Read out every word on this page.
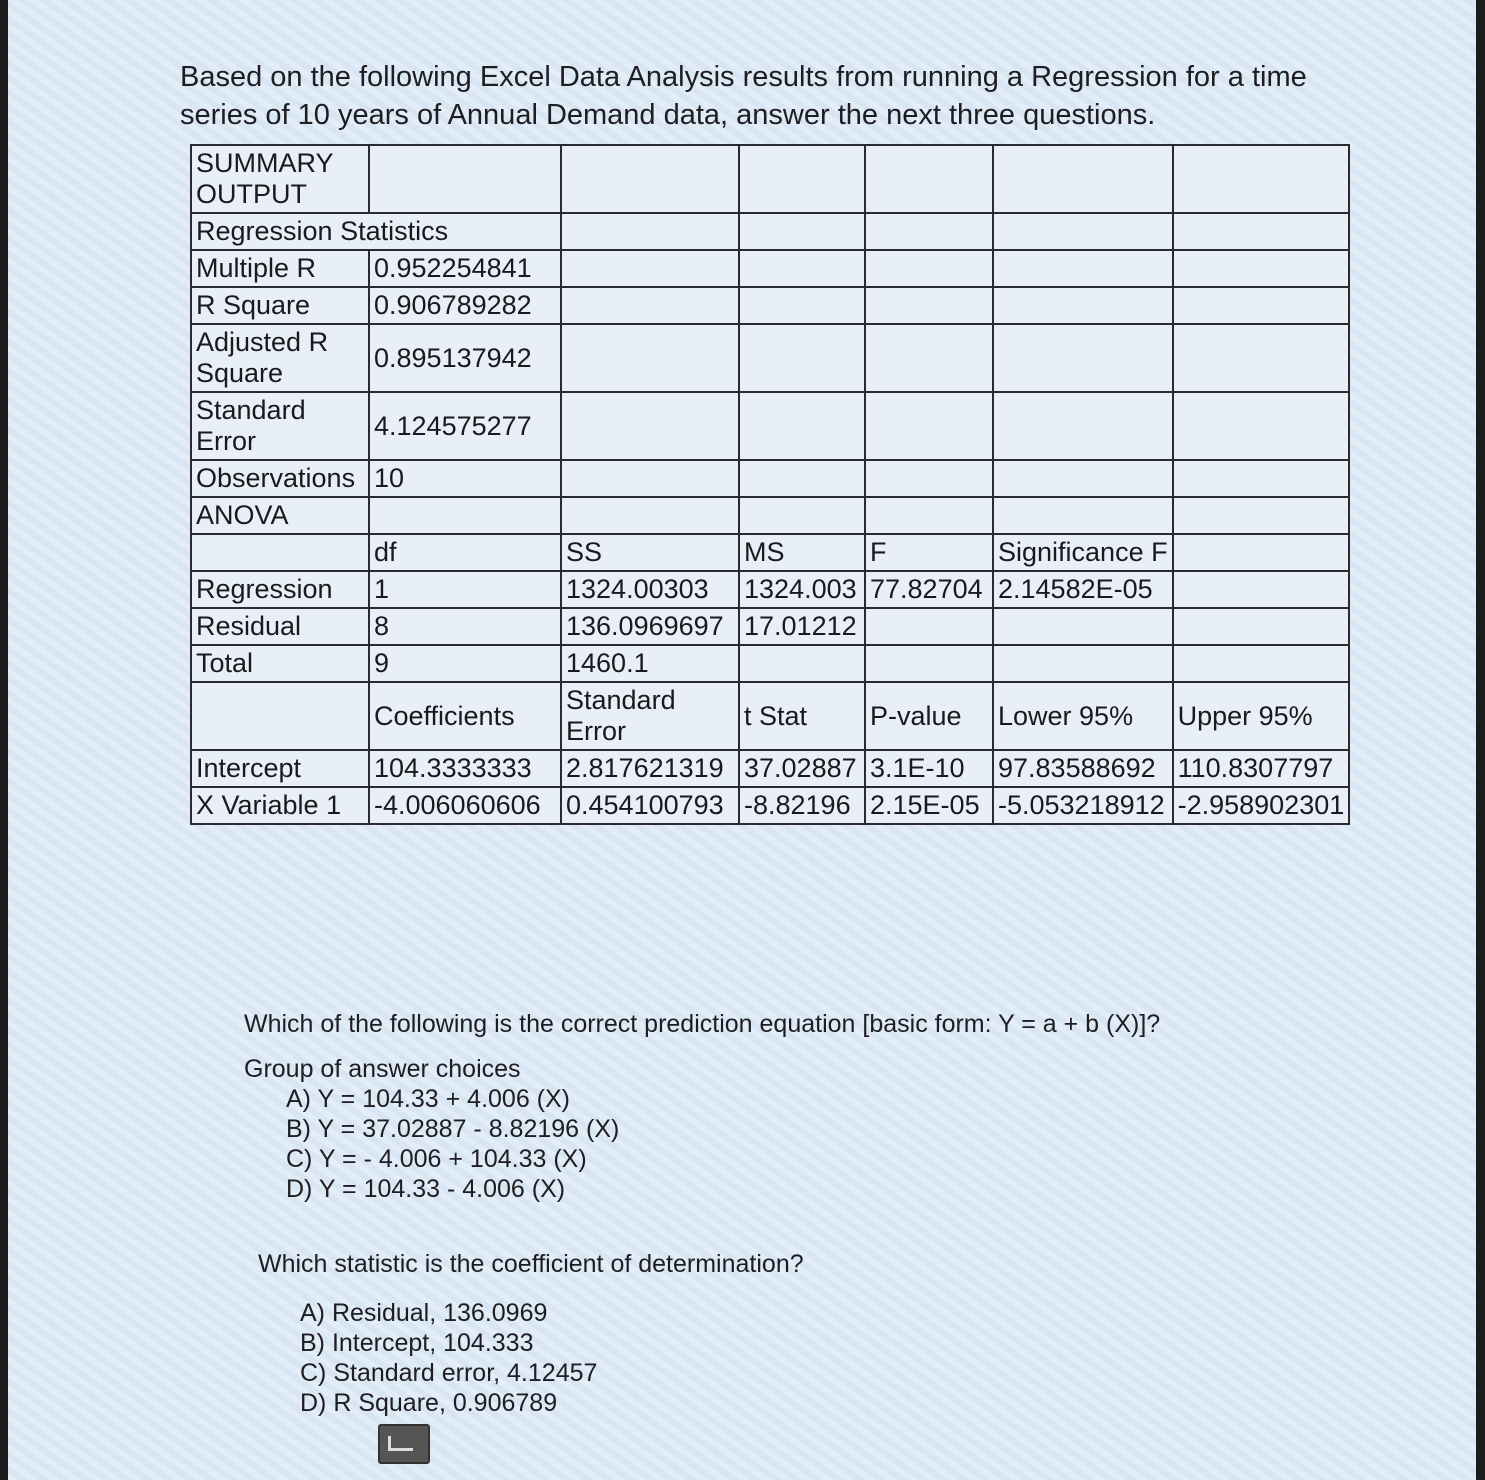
Based on the following Excel Data Analysis results from running a Regression for a time series of 10 years of Annual Demand data, answer the next three questions.
SUMMARY OUTPUT						
Regression Statistics						
Multiple R	0.952254841					
R Square	0.906789282					
Adjusted R Square	0.895137942					
Standard Error	4.124575277					
Observations	10					
ANOVA						
	df	SS	MS	F	Significance F	
Regression	1	1324.00303	1324.003	77.82704	2.14582E-05	
Residual	8	136.0969697	17.01212			
Total	9	1460.1				
	Coefficients	Standard Error	t Stat	P-value	Lower 95%	Upper 95%
Intercept	104.3333333	2.817621319	37.02887	3.1E-10	97.83588692	110.8307797
X Variable 1	-4.006060606	0.454100793	-8.82196	2.15E-05	-5.053218912	-2.958902301
Which of the following is the correct prediction equation [basic form: Y = a + b (X)]?
Group of answer choices
A) Y = 104.33 + 4.006 (X)
B) Y = 37.02887 - 8.82196 (X)
C) Y = - 4.006 + 104.33 (X)
D) Y = 104.33 - 4.006 (X)
Which statistic is the coefficient of determination?
A) Residual, 136.0969
B) Intercept, 104.333
C) Standard error, 4.12457
D) R Square, 0.906789
